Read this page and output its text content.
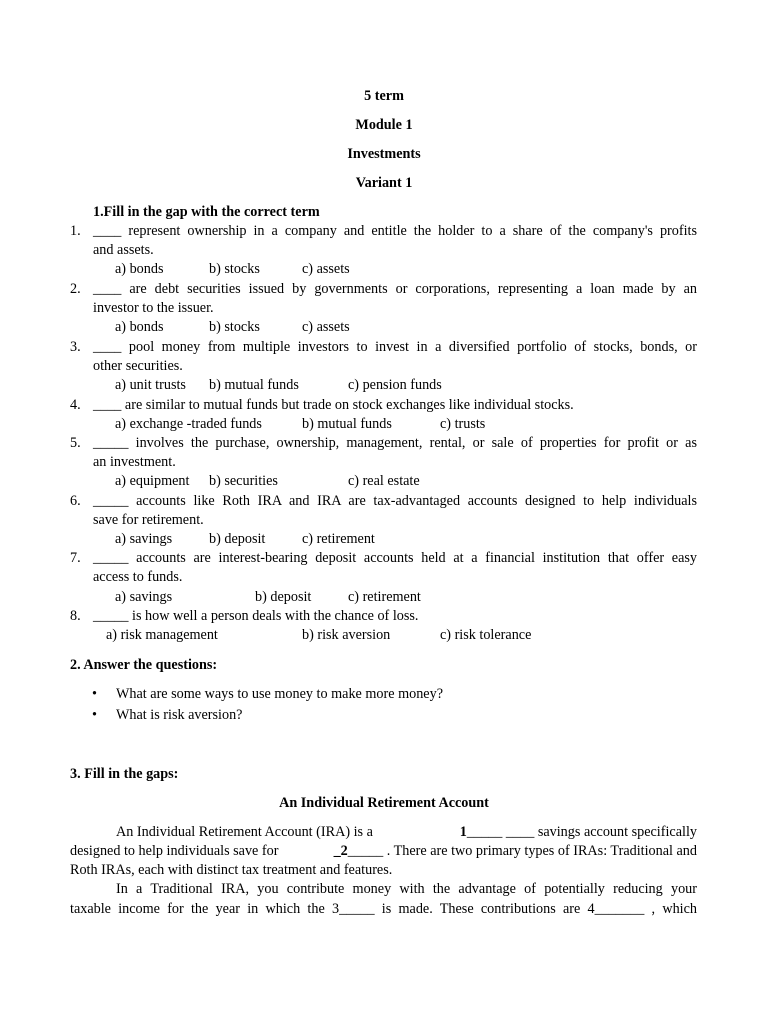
5 term
Module 1
Investments
Variant 1
1.Fill in the gap with the correct term
1. ____ represent ownership in a company and entitle the holder to a share of the company's profits
and assets.
a) bonds	b) stocks	c) assets
2. ____ are debt securities issued by governments or corporations, representing a loan made by an
investor to the issuer.
a) bonds	b) stocks	c) assets
3. ____ pool money from multiple investors to invest in a diversified portfolio of stocks, bonds, or
other securities.
a) unit trusts b) mutual funds	c) pension funds
4. ____ are similar to mutual funds but trade on stock exchanges like individual stocks.
a) exchange -traded funds	b) mutual funds	c) trusts
5. _____ involves the purchase, ownership, management, rental, or sale of properties for profit or as
an investment.
a) equipment b) securities	c) real estate
6. _____ accounts like Roth IRA and IRA are tax-advantaged accounts designed to help individuals
save for retirement.
a) savings	b) deposit	c) retirement
7. _____ accounts are interest-bearing deposit accounts held at a financial institution that offer easy
access to funds.
a) savings	b) deposit	c) retirement
8. _____ is how well a person deals with the chance of loss.
a) risk management	b) risk aversion	c) risk tolerance
2. Answer the questions:
• What are some ways to use money to make more money?
• What is risk aversion?
3. Fill in the gaps:
An Individual Retirement Account
An Individual Retirement Account (IRA) is a	1_____ ____ savings account specifically
designed to help individuals save for	_2_____ . There are two primary types of IRAs: Traditional and
Roth IRAs, each with distinct tax treatment and features.
In a Traditional IRA, you contribute money with the advantage of potentially reducing your
taxable income for the year in which the 3_____ is made. These contributions are 4_______ , which
